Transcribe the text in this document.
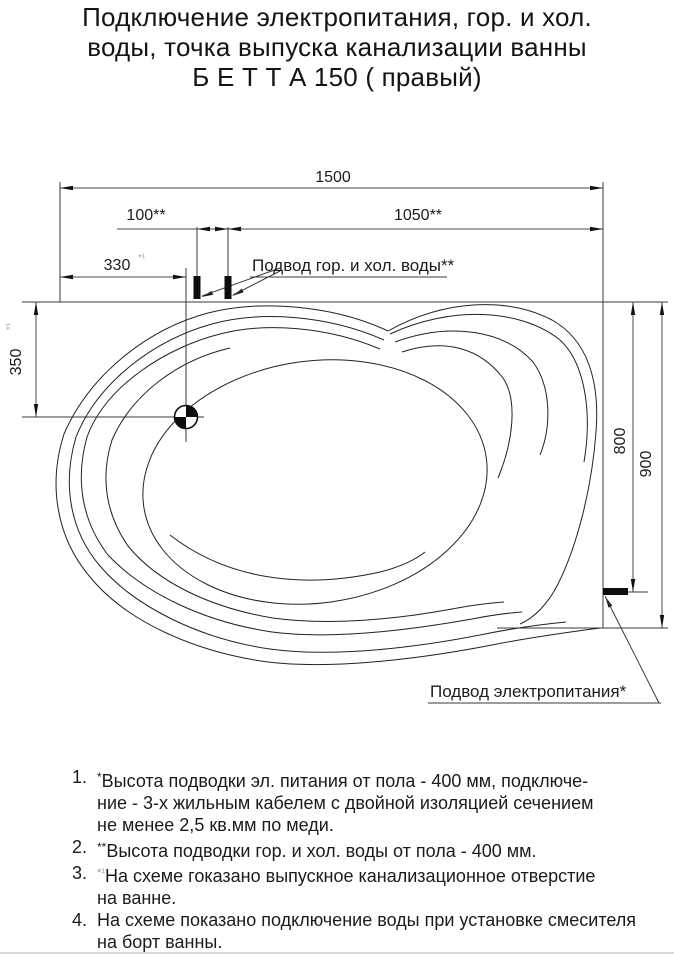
Подключение электропитания, гор. и хол.
воды, точка выпуска канализации ванны
Б Е Т Т А 150 ( правый)
1500
100**	1050**
330 *¹
350
*¹
800
900
Подвод гор. и хол. воды**
Подвод электропитания*
1. *Высота подводки эл. питания от пола - 400 мм, подключе-
ние - 3-х жильным кабелем с двойной изоляцией сечением
не менее 2,5 кв.мм по меди.
2. **Высота подводки гор. и хол. воды от пола - 400 мм.
3. $^{*^1}$На схеме гоказано выпускное канализационное отверстие
на ванне.
4. На схеме показано подключение воды при установке смесителя
на борт ванны.
